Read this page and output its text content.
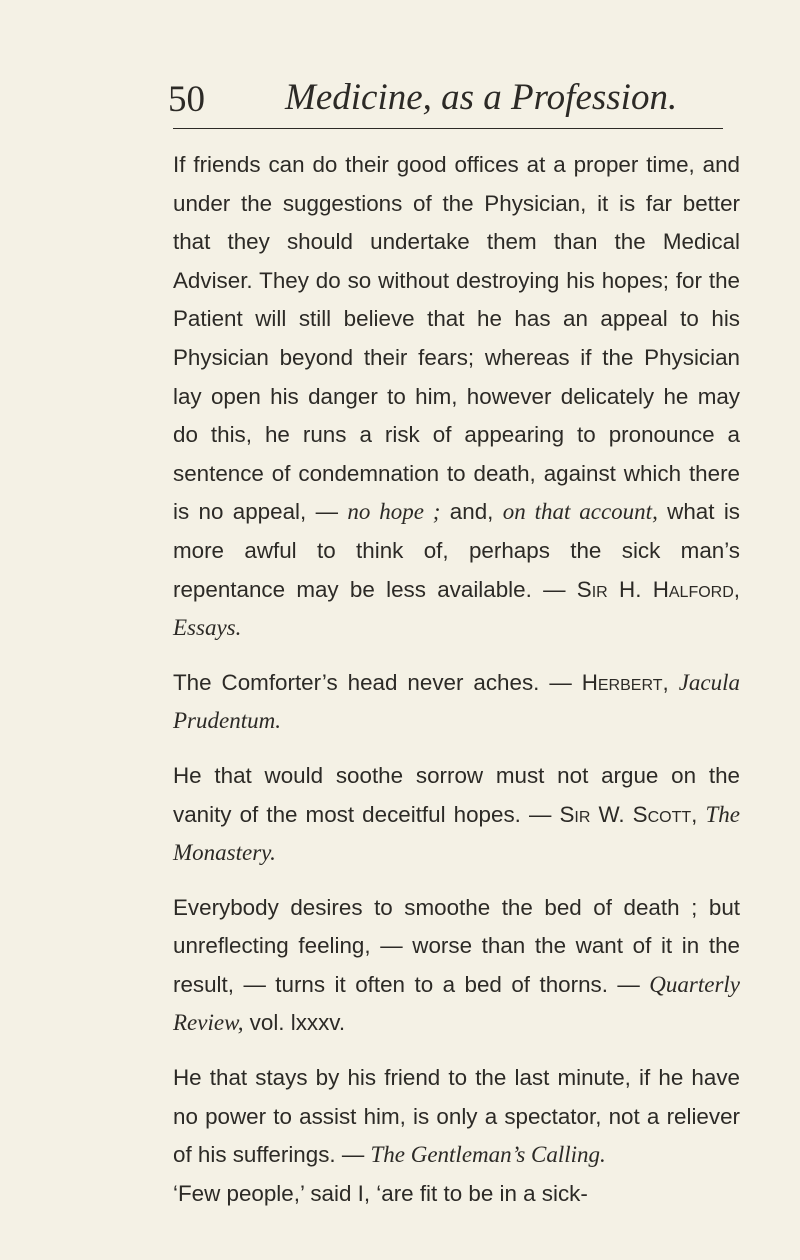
50 Medicine, as a Profession.

If friends can do their good offices at a proper time, and under the suggestions of the Physician, it is far better that they should undertake them than the Medical Adviser. They do so without destroying his hopes; for the Patient will still believe that he has an appeal to his Physician beyond their fears; whereas if the Physician lay open his danger to him, however delicately he may do this, he runs a risk of appearing to pronounce a sentence of condemnation to death, against which there is no appeal, — no hope ; and, on that account, what is more awful to think of, perhaps the sick man’s repentance may be less available. — Sir H. Halford, Essays.

The Comforter’s head never aches. — Herbert, Jacula Prudentum.

He that would soothe sorrow must not argue on the vanity of the most deceitful hopes. — Sir W. Scott, The Monastery.

Everybody desires to smoothe the bed of death ; but unreflecting feeling, — worse than the want of it in the result, — turns it often to a bed of thorns. — Quarterly Review, vol. lxxxv.

He that stays by his friend to the last minute, if he have no power to assist him, is only a spectator, not a reliever of his sufferings. — The Gentleman’s Calling.

‘Few people,’ said I, ‘are fit to be in a sick-
